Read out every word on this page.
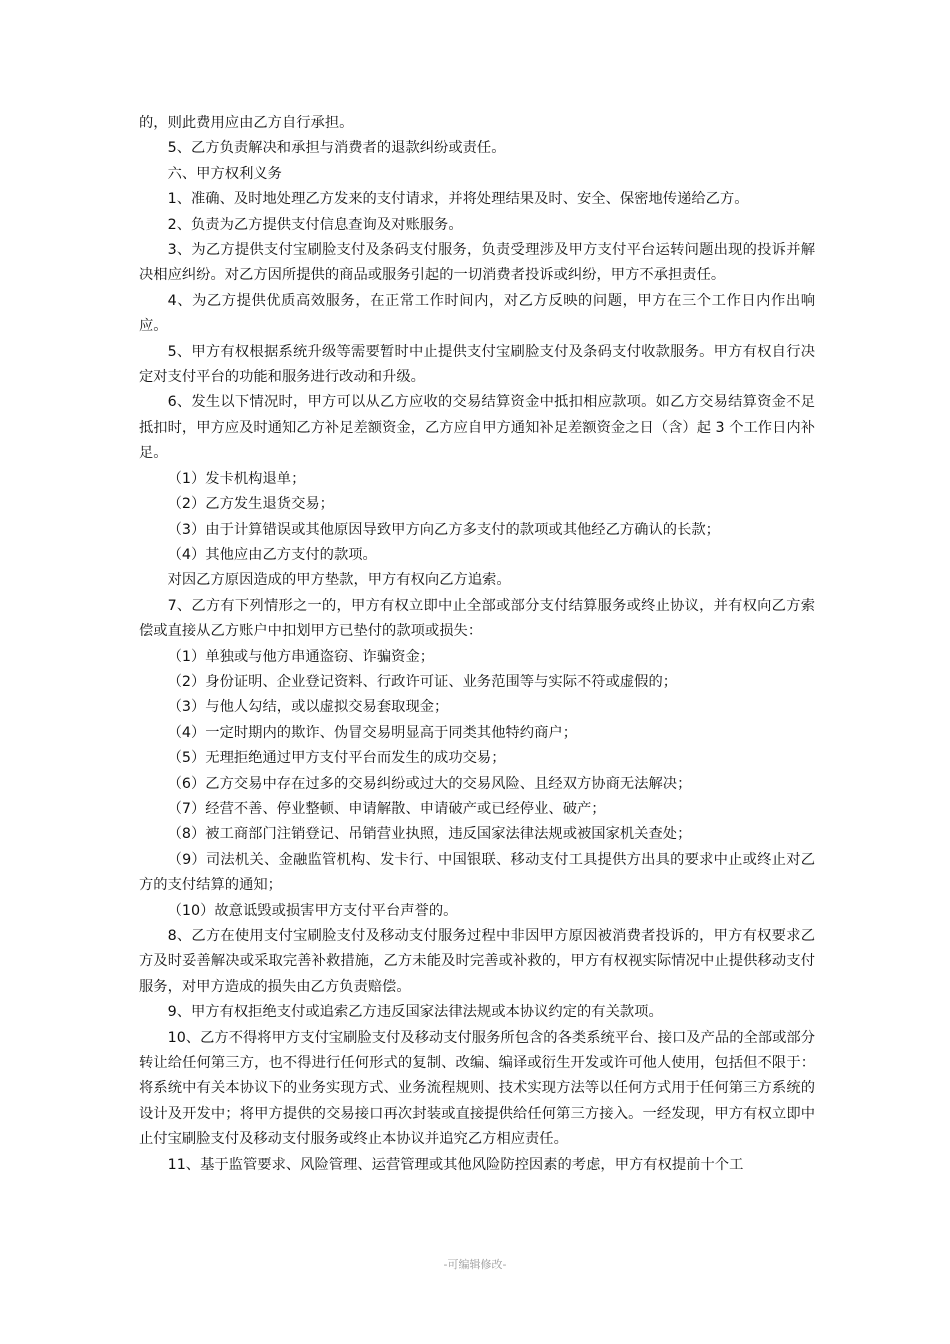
的，则此费用应由乙方自行承担。

5、乙方负责解决和承担与消费者的退款纠纷或责任。

六、甲方权利义务

1、准确、及时地处理乙方发来的支付请求，并将处理结果及时、安全、保密地传递给乙方。

2、负责为乙方提供支付信息查询及对账服务。

3、为乙方提供支付宝刷脸支付及条码支付服务，负责受理涉及甲方支付平台运转问题出现的投诉并解决相应纠纷。对乙方因所提供的商品或服务引起的一切消费者投诉或纠纷，甲方不承担责任。

4、为乙方提供优质高效服务，在正常工作时间内，对乙方反映的问题，甲方在三个工作日内作出响应。

5、甲方有权根据系统升级等需要暂时中止提供支付宝刷脸支付及条码支付收款服务。甲方有权自行决定对支付平台的功能和服务进行改动和升级。

6、发生以下情况时，甲方可以从乙方应收的交易结算资金中抵扣相应款项。如乙方交易结算资金不足抵扣时，甲方应及时通知乙方补足差额资金，乙方应自甲方通知补足差额资金之日（含）起 3 个工作日内补足。

（1）发卡机构退单；

（2）乙方发生退货交易；

（3）由于计算错误或其他原因导致甲方向乙方多支付的款项或其他经乙方确认的长款；

（4）其他应由乙方支付的款项。

对因乙方原因造成的甲方垫款，甲方有权向乙方追索。

7、乙方有下列情形之一的，甲方有权立即中止全部或部分支付结算服务或终止协议，并有权向乙方索偿或直接从乙方账户中扣划甲方已垫付的款项或损失：

（1）单独或与他方串通盗窃、诈骗资金；

（2）身份证明、企业登记资料、行政许可证、业务范围等与实际不符或虚假的；

（3）与他人勾结，或以虚拟交易套取现金；

（4）一定时期内的欺诈、伪冒交易明显高于同类其他特约商户；

（5）无理拒绝通过甲方支付平台而发生的成功交易；

（6）乙方交易中存在过多的交易纠纷或过大的交易风险、且经双方协商无法解决；

（7）经营不善、停业整顿、申请解散、申请破产或已经停业、破产；

（8）被工商部门注销登记、吊销营业执照，违反国家法律法规或被国家机关查处；

（9）司法机关、金融监管机构、发卡行、中国银联、移动支付工具提供方出具的要求中止或终止对乙方的支付结算的通知；

（10）故意诋毁或损害甲方支付平台声誉的。

8、乙方在使用支付宝刷脸支付及移动支付服务过程中非因甲方原因被消费者投诉的，甲方有权要求乙方及时妥善解决或采取完善补救措施，乙方未能及时完善或补救的，甲方有权视实际情况中止提供移动支付服务，对甲方造成的损失由乙方负责赔偿。

9、甲方有权拒绝支付或追索乙方违反国家法律法规或本协议约定的有关款项。

10、乙方不得将甲方支付宝刷脸支付及移动支付服务所包含的各类系统平台、接口及产品的全部或部分转让给任何第三方，也不得进行任何形式的复制、改编、编译或衍生开发或许可他人使用，包括但不限于：将系统中有关本协议下的业务实现方式、业务流程规则、技术实现方法等以任何方式用于任何第三方系统的设计及开发中；将甲方提供的交易接口再次封装或直接提供给任何第三方接入。一经发现，甲方有权立即中止付宝刷脸支付及移动支付服务或终止本协议并追究乙方相应责任。

11、基于监管要求、风险管理、运营管理或其他风险防控因素的考虑，甲方有权提前十个工

-可编辑修改-
